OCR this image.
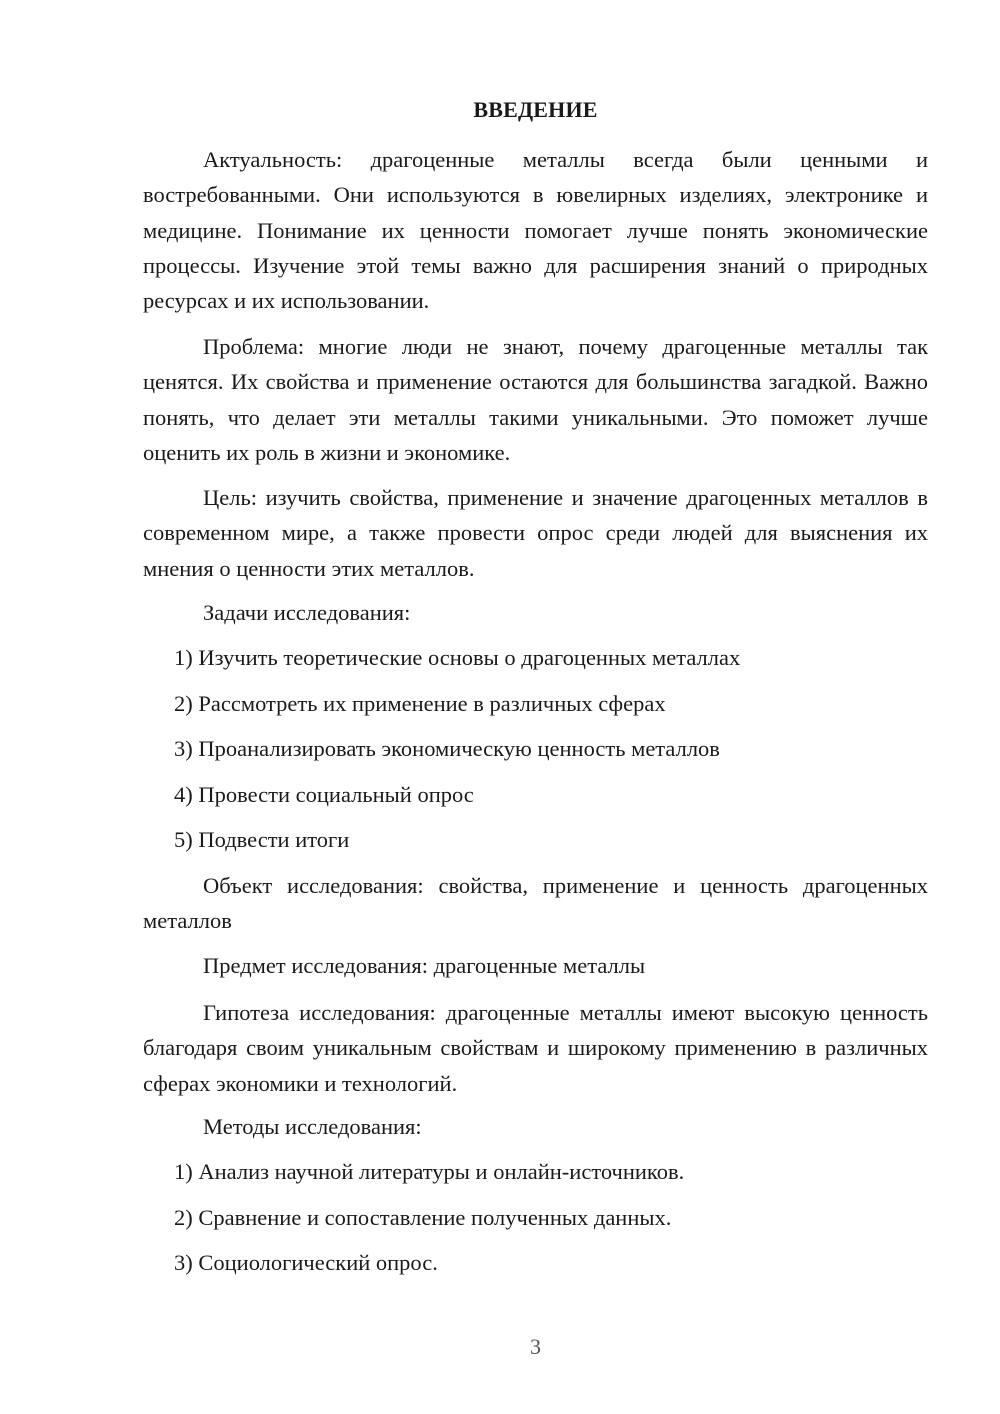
ВВЕДЕНИЕ

Актуальность: драгоценные металлы всегда были ценными и востребованными. Они используются в ювелирных изделиях, электронике и медицине. Понимание их ценности помогает лучше понять экономические процессы. Изучение этой темы важно для расширения знаний о природных ресурсах и их использовании.

Проблема: многие люди не знают, почему драгоценные металлы так ценятся. Их свойства и применение остаются для большинства загадкой. Важно понять, что делает эти металлы такими уникальными. Это поможет лучше оценить их роль в жизни и экономике.

Цель: изучить свойства, применение и значение драгоценных металлов в современном мире, а также провести опрос среди людей для выяснения их мнения о ценности этих металлов.

Задачи исследования:

1) Изучить теоретические основы о драгоценных металлах

2) Рассмотреть их применение в различных сферах

3) Проанализировать экономическую ценность металлов

4) Провести социальный опрос

5) Подвести итоги

Объект исследования: свойства, применение и ценность драгоценных металлов

Предмет исследования: драгоценные металлы

Гипотеза исследования: драгоценные металлы имеют высокую ценность благодаря своим уникальным свойствам и широкому применению в различных сферах экономики и технологий.

Методы исследования:

1) Анализ научной литературы и онлайн-источников.

2) Сравнение и сопоставление полученных данных.

3) Социологический опрос.

3
